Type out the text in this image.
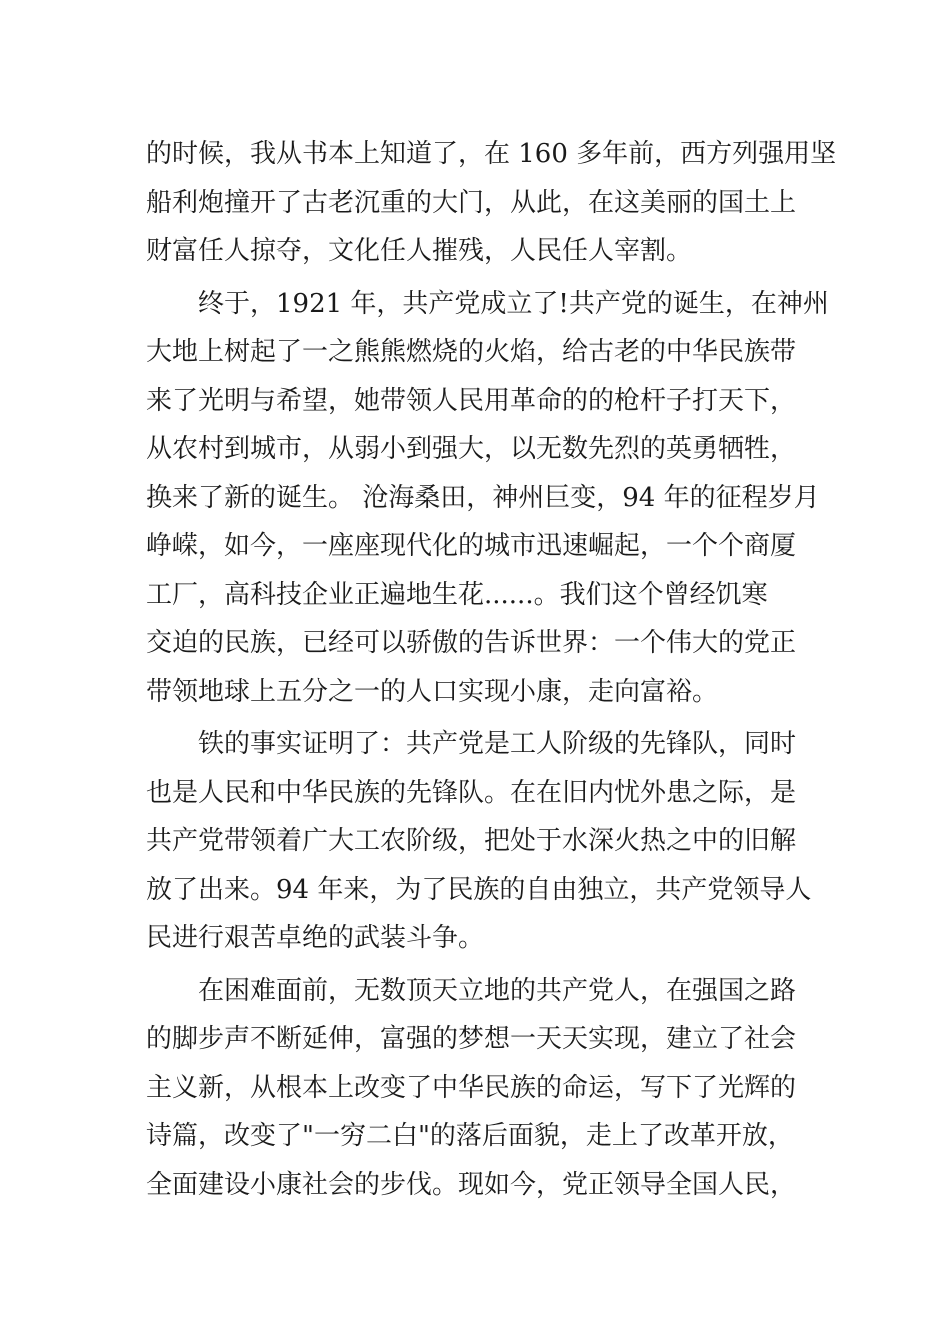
的时候，我从书本上知道了，在 160 多年前，西方列强用坚
船利炮撞开了古老沉重的大门，从此，在这美丽的国土上
财富任人掠夺，文化任人摧残，人民任人宰割。
终于，1921 年，共产党成立了!共产党的诞生，在神州
大地上树起了一之熊熊燃烧的火焰，给古老的中华民族带
来了光明与希望，她带领人民用革命的的枪杆子打天下，
从农村到城市，从弱小到强大，以无数先烈的英勇牺牲，
换来了新的诞生。 沧海桑田，神州巨变，94 年的征程岁月
峥嵘，如今，一座座现代化的城市迅速崛起，一个个商厦
工厂，高科技企业正遍地生花......。我们这个曾经饥寒
交迫的民族，已经可以骄傲的告诉世界：一个伟大的党正
带领地球上五分之一的人口实现小康，走向富裕。
铁的事实证明了：共产党是工人阶级的先锋队，同时
也是人民和中华民族的先锋队。在在旧内忧外患之际，是
共产党带领着广大工农阶级，把处于水深火热之中的旧解
放了出来。94 年来，为了民族的自由独立，共产党领导人
民进行艰苦卓绝的武装斗争。
在困难面前，无数顶天立地的共产党人，在强国之路
的脚步声不断延伸，富强的梦想一天天实现，建立了社会
主义新，从根本上改变了中华民族的命运，写下了光辉的
诗篇，改变了"一穷二白"的落后面貌，走上了改革开放，
全面建设小康社会的步伐。现如今，党正领导全国人民，
